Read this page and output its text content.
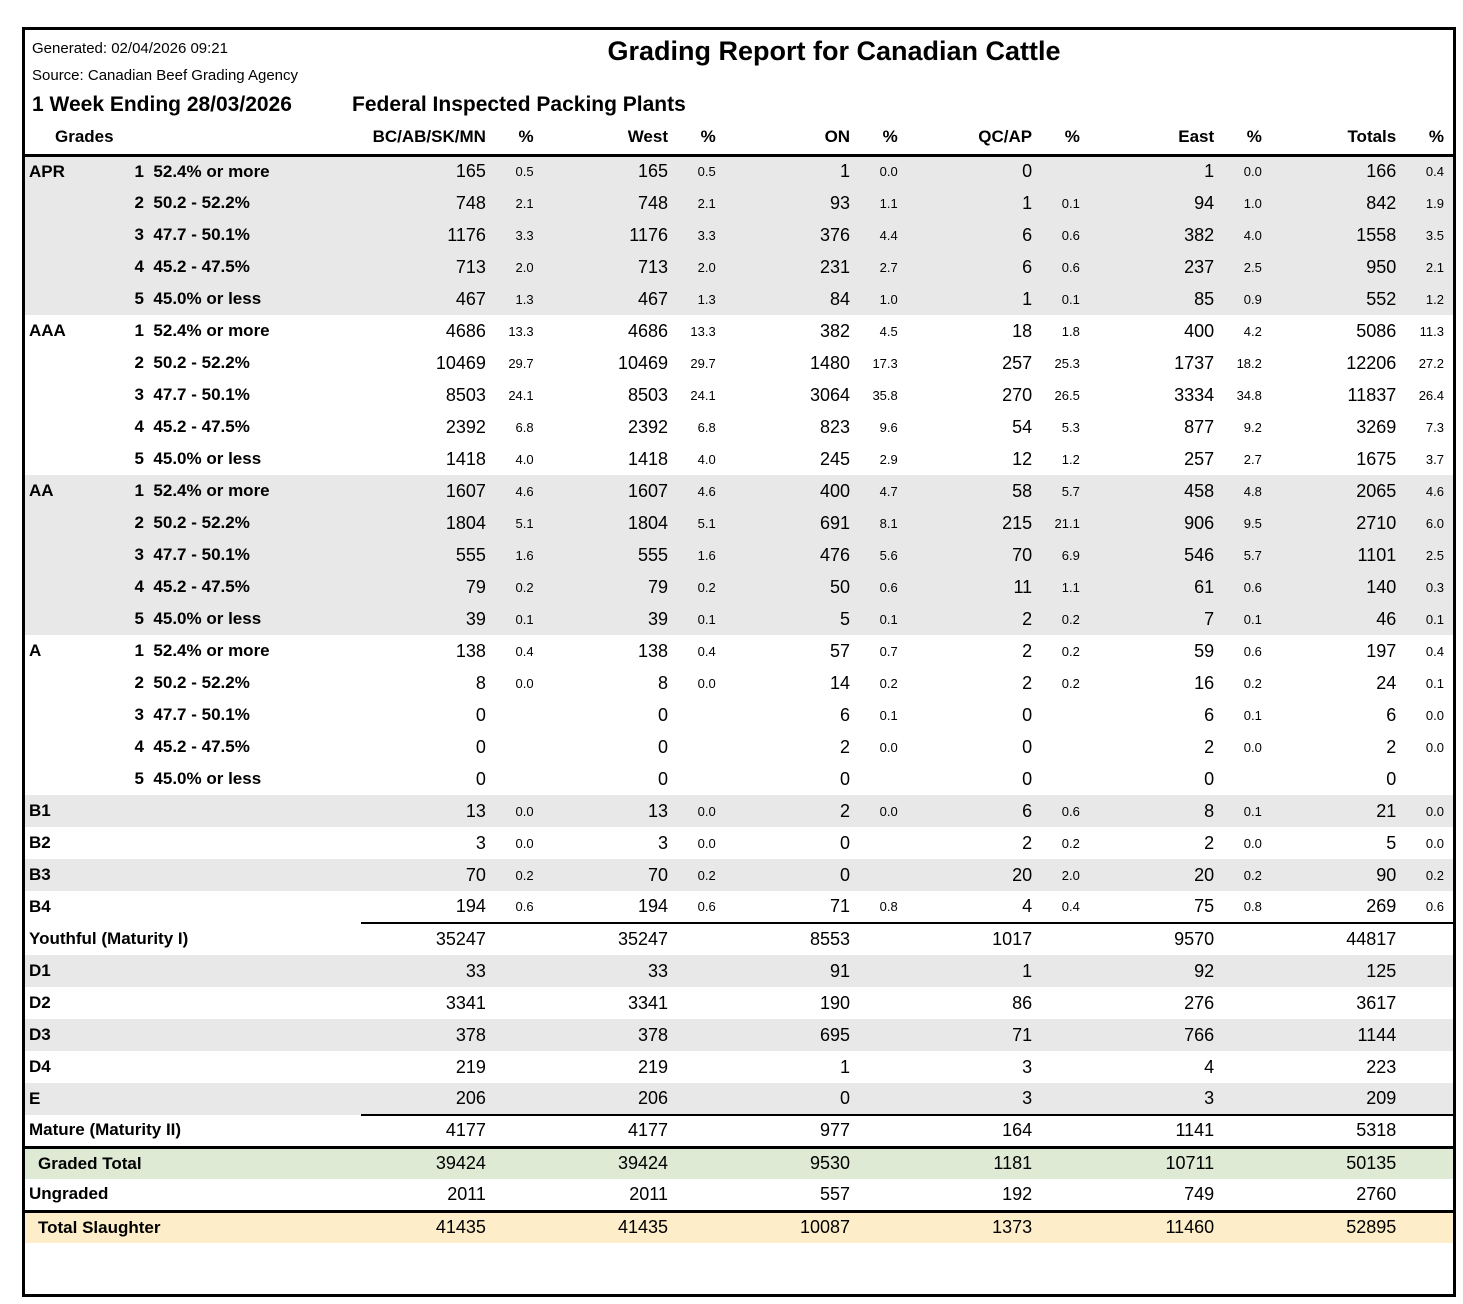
Generated: 02/04/2026 09:21	Grading Report for Canadian Cattle
Source: Canadian Beef Grading Agency
1 Week Ending 28/03/2026	Federal Inspected Packing Plants
Grades		BC/AB/SK/MN	%	West	%	ON	%	QC/AP	%	East	%	Totals	%
APR	1  52.4% or more	165	0.5	165	0.5	1	0.0	0		1	0.0	166	0.4
	2  50.2 - 52.2%	748	2.1	748	2.1	93	1.1	1	0.1	94	1.0	842	1.9
	3  47.7 - 50.1%	1176	3.3	1176	3.3	376	4.4	6	0.6	382	4.0	1558	3.5
	4  45.2 - 47.5%	713	2.0	713	2.0	231	2.7	6	0.6	237	2.5	950	2.1
	5  45.0% or less	467	1.3	467	1.3	84	1.0	1	0.1	85	0.9	552	1.2
AAA	1  52.4% or more	4686	13.3	4686	13.3	382	4.5	18	1.8	400	4.2	5086	11.3
	2  50.2 - 52.2%	10469	29.7	10469	29.7	1480	17.3	257	25.3	1737	18.2	12206	27.2
	3  47.7 - 50.1%	8503	24.1	8503	24.1	3064	35.8	270	26.5	3334	34.8	11837	26.4
	4  45.2 - 47.5%	2392	6.8	2392	6.8	823	9.6	54	5.3	877	9.2	3269	7.3
	5  45.0% or less	1418	4.0	1418	4.0	245	2.9	12	1.2	257	2.7	1675	3.7
AA	1  52.4% or more	1607	4.6	1607	4.6	400	4.7	58	5.7	458	4.8	2065	4.6
	2  50.2 - 52.2%	1804	5.1	1804	5.1	691	8.1	215	21.1	906	9.5	2710	6.0
	3  47.7 - 50.1%	555	1.6	555	1.6	476	5.6	70	6.9	546	5.7	1101	2.5
	4  45.2 - 47.5%	79	0.2	79	0.2	50	0.6	11	1.1	61	0.6	140	0.3
	5  45.0% or less	39	0.1	39	0.1	5	0.1	2	0.2	7	0.1	46	0.1
A	1  52.4% or more	138	0.4	138	0.4	57	0.7	2	0.2	59	0.6	197	0.4
	2  50.2 - 52.2%	8	0.0	8	0.0	14	0.2	2	0.2	16	0.2	24	0.1
	3  47.7 - 50.1%	0		0		6	0.1	0		6	0.1	6	0.0
	4  45.2 - 47.5%	0		0		2	0.0	0		2	0.0	2	0.0
	5  45.0% or less	0		0		0		0		0		0	
B1		13	0.0	13	0.0	2	0.0	6	0.6	8	0.1	21	0.0
B2		3	0.0	3	0.0	0		2	0.2	2	0.0	5	0.0
B3		70	0.2	70	0.2	0		20	2.0	20	0.2	90	0.2
B4		194	0.6	194	0.6	71	0.8	4	0.4	75	0.8	269	0.6
Youthful (Maturity I)		35247		35247		8553		1017		9570		44817	
D1		33		33		91		1		92		125	
D2		3341		3341		190		86		276		3617	
D3		378		378		695		71		766		1144	
D4		219		219		1		3		4		223	
E		206		206		0		3		3		209	
Mature (Maturity II)		4177		4177		977		164		1141		5318	
Graded Total		39424		39424		9530		1181		10711		50135	
Ungraded		2011		2011		557		192		749		2760	
Total Slaughter		41435		41435		10087		1373		11460		52895	
